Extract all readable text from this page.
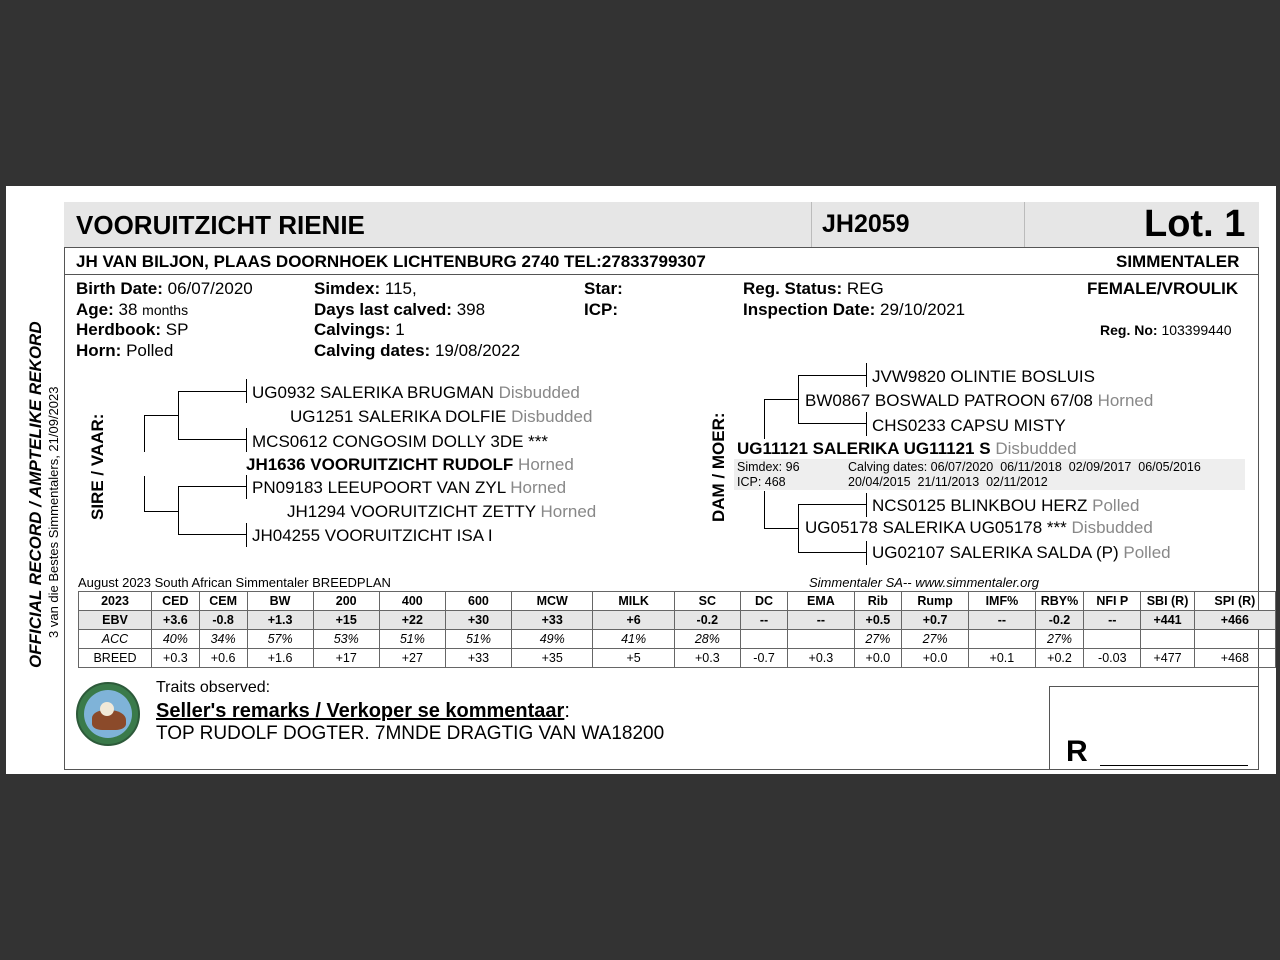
OFFICIAL RECORD / AMPTELIKE REKORD 3 van die Bestes Simmentalers, 21/09/2023
VOORUITZICHT RIENIE	JH2059	Lot. 1
JH VAN BILJON, PLAAS DOORNHOEK LICHTENBURG 2740 TEL:27833799307	SIMMENTALER
Birth Date: 06/07/2020
Age: 38 months
Herdbook: SP
Horn: Polled
Simdex: 115,
Days last calved: 398
Calvings: 1
Calving dates: 19/08/2022
Star:
ICP:
Reg. Status: REG
Inspection Date: 29/10/2021
FEMALE/VROULIK
Reg. No: 103399440
SIRE / VAAR:
UG0932 SALERIKA BRUGMAN Disbudded
UG1251 SALERIKA DOLFIE Disbudded
MCS0612 CONGOSIM DOLLY 3DE ***
JH1636 VOORUITZICHT RUDOLF Horned
PN09183 LEEUPOORT VAN ZYL Horned
JH1294 VOORUITZICHT ZETTY Horned
JH04255 VOORUITZICHT ISA I
DAM / MOER:
JVW9820 OLINTIE BOSLUIS
BW0867 BOSWALD PATROON 67/08 Horned
CHS0233 CAPSU MISTY
UG11121 SALERIKA UG11121 S Disbudded
Simdex: 96
ICP: 468
Calving dates: 06/07/2020  06/11/2018  02/09/2017  06/05/2016
20/04/2015  21/11/2013  02/11/2012
NCS0125 BLINKBOU HERZ Polled
UG05178 SALERIKA UG05178 *** Disbudded
UG02107 SALERIKA SALDA (P) Polled
August 2023 South African Simmentaler BREEDPLAN	Simmentaler SA-- www.simmentaler.org
2023	CED	CEM	BW	200	400	600	MCW	MILK	SC	DC	EMA	Rib	Rump	IMF%	RBY%	NFI P	SBI (R)	SPI (R)
EBV	+3.6	-0.8	+1.3	+15	+22	+30	+33	+6	-0.2	--	--	+0.5	+0.7	--	-0.2	--	+441	+466
ACC	40%	34%	57%	53%	51%	51%	49%	41%	28%			27%	27%		27%			
BREED	+0.3	+0.6	+1.6	+17	+27	+33	+35	+5	+0.3	-0.7	+0.3	+0.0	+0.0	+0.1	+0.2	-0.03	+477	+468
Traits observed:
Seller's remarks / Verkoper se kommentaar:
TOP RUDOLF DOGTER. 7MNDE DRAGTIG VAN WA18200
R
